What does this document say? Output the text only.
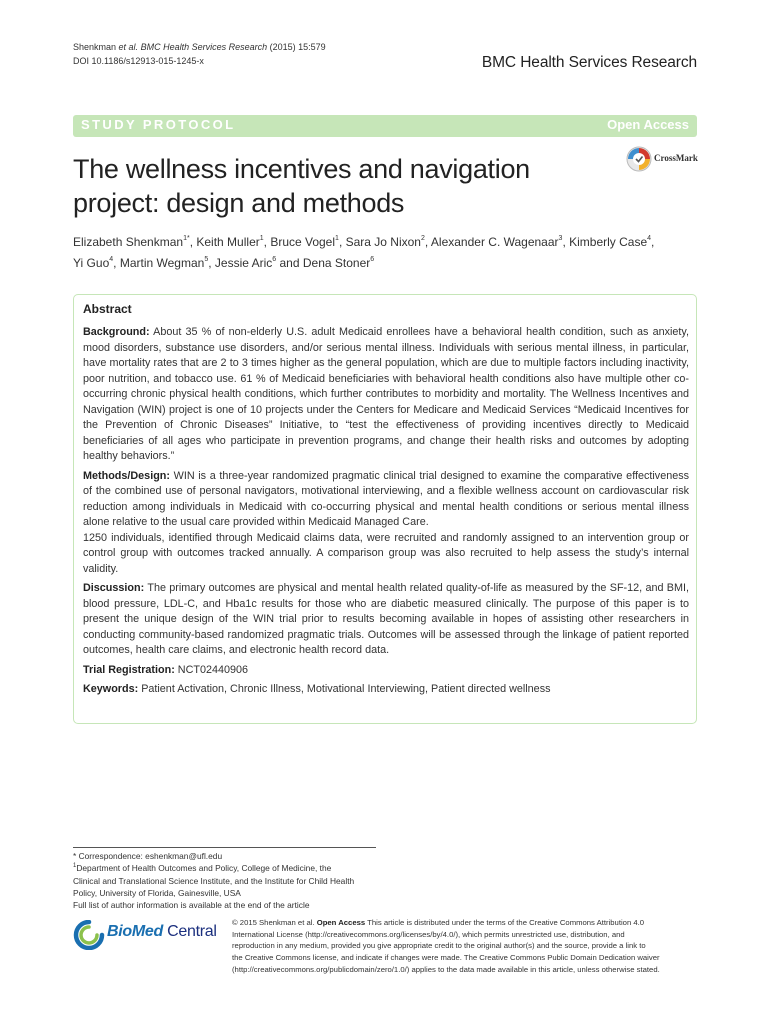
Shenkman et al. BMC Health Services Research (2015) 15:579
DOI 10.1186/s12913-015-1245-x	BMC Health Services Research
STUDY PROTOCOL	Open Access
CrossMark
The wellness incentives and navigation
project: design and methods
Elizabeth Shenkman$^{1*}$, Keith Muller$^1$, Bruce Vogel$^1$, Sara Jo Nixon$^2$, Alexander C. Wagenaar$^3$, Kimberly Case$^4$,
Yi Guo$^4$, Martin Wegman$^5$, Jessie Aric$^6$ and Dena Stoner$^6$
Abstract

Background: About 35 % of non-elderly U.S. adult Medicaid enrollees have a behavioral health condition, such as anxiety, mood disorders, substance use disorders, and/or serious mental illness. Individuals with serious mental illness, in particular, have mortality rates that are 2 to 3 times higher as the general population, which are due to multiple factors including inactivity, poor nutrition, and tobacco use. 61 % of Medicaid beneficiaries with behavioral health conditions also have multiple other co-occurring chronic physical health conditions, which further contributes to morbidity and mortality. The Wellness Incentives and Navigation (WIN) project is one of 10 projects under the Centers for Medicare and Medicaid Services “Medicaid Incentives for the Prevention of Chronic Diseases” Initiative, to “test the effectiveness of providing incentives directly to Medicaid beneficiaries of all ages who participate in prevention programs, and change their health risks and outcomes by adopting healthy behaviors.”

Methods/Design: WIN is a three-year randomized pragmatic clinical trial designed to examine the comparative effectiveness of the combined use of personal navigators, motivational interviewing, and a flexible wellness account on cardiovascular risk reduction among individuals in Medicaid with co-occurring physical and mental health conditions or serious mental illness alone relative to the usual care provided within Medicaid Managed Care.
1250 individuals, identified through Medicaid claims data, were recruited and randomly assigned to an intervention group or control group with outcomes tracked annually. A comparison group was also recruited to help assess the study’s internal validity.

Discussion: The primary outcomes are physical and mental health related quality-of-life as measured by the SF-12, and BMI, blood pressure, LDL-C, and Hba1c results for those who are diabetic measured clinically. The purpose of this paper is to present the unique design of the WIN trial prior to results becoming available in hopes of assisting other researchers in conducting community-based randomized pragmatic trials. Outcomes will be assessed through the linkage of patient reported outcomes, health care claims, and electronic health record data.

Trial Registration: NCT02440906

Keywords: Patient Activation, Chronic Illness, Motivational Interviewing, Patient directed wellness

* Correspondence: eshenkman@ufl.edu
$^1$Department of Health Outcomes and Policy, College of Medicine, the
Clinical and Translational Science Institute, and the Institute for Child Health
Policy, University of Florida, Gainesville, USA
Full list of author information is available at the end of the article
BioMed Central
© 2015 Shenkman et al. Open Access This article is distributed under the terms of the Creative Commons Attribution 4.0
International License (http://creativecommons.org/licenses/by/4.0/), which permits unrestricted use, distribution, and
reproduction in any medium, provided you give appropriate credit to the original author(s) and the source, provide a link to
the Creative Commons license, and indicate if changes were made. The Creative Commons Public Domain Dedication waiver
(http://creativecommons.org/publicdomain/zero/1.0/) applies to the data made available in this article, unless otherwise stated.
